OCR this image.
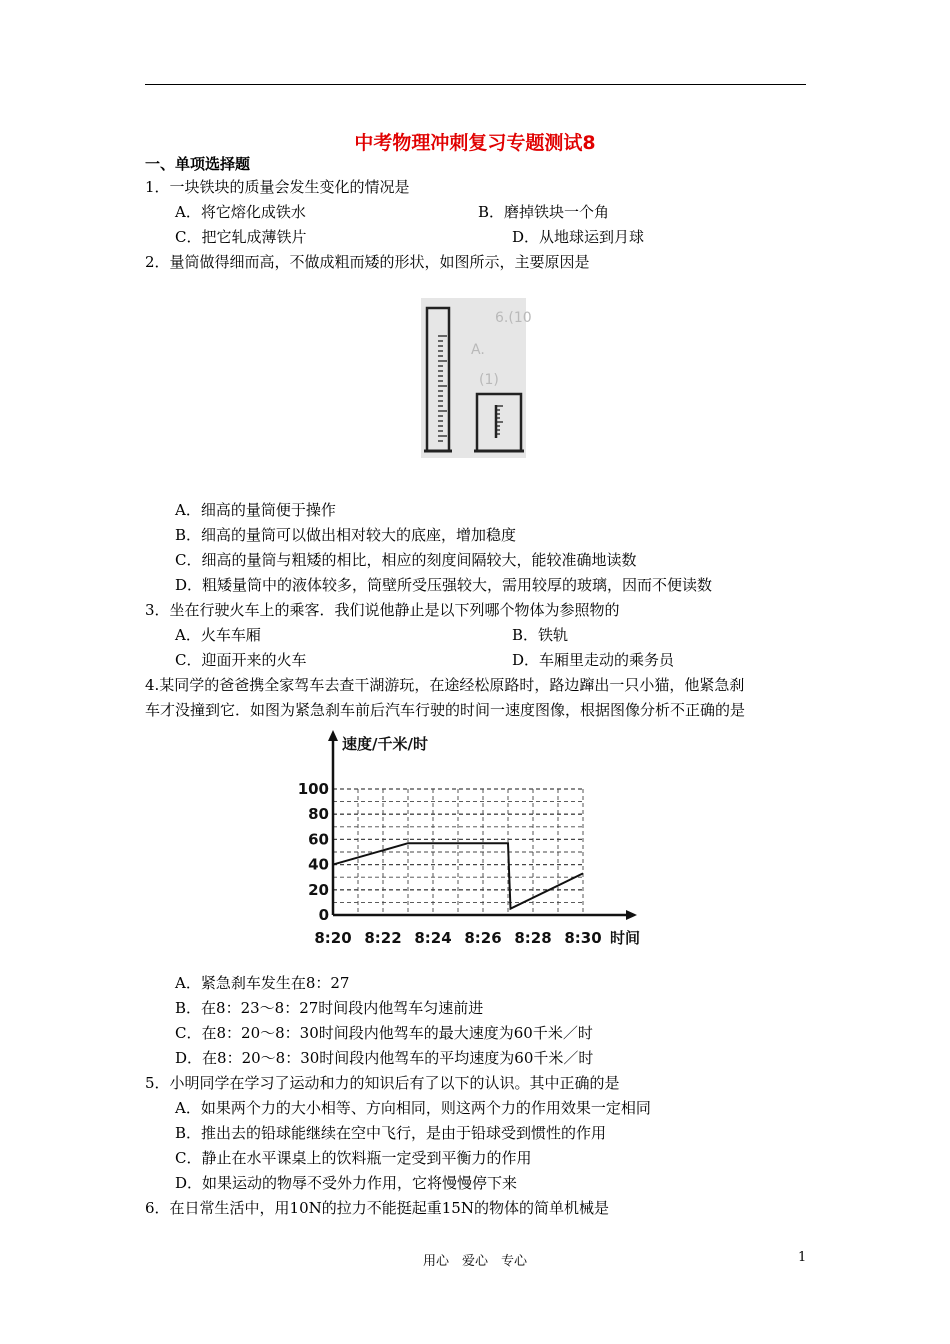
中考物理冲刺复习专题测试8
一、单项选择题
1．一块铁块的质量会发生变化的情况是
A．将它熔化成铁水	B．磨掉铁块一个角
C．把它轧成薄铁片	D．从地球运到月球
2．量筒做得细而高，不做成粗而矮的形状，如图所示，主要原因是
6.(10
A.
(1)
A．细高的量筒便于操作
B．细高的量筒可以做出相对较大的底座，增加稳度
C．细高的量筒与粗矮的相比，相应的刻度间隔较大，能较准确地读数
D．粗矮量筒中的液体较多，筒壁所受压强较大，需用较厚的玻璃，因而不便读数
3．坐在行驶火车上的乘客．我们说他静止是以下列哪个物体为参照物的
A．火车车厢	B．铁轨
C．迎面开来的火车	D．车厢里走动的乘务员
4.某同学的爸爸携全家驾车去查干湖游玩，在途经松原路时，路边蹿出一只小猫，他紧急刹
车才没撞到它．如图为紧急刹车前后汽车行驶的时间一速度图像，根据图像分析不正确的是
速度/千米/时
时间
0
20
40
60
80
100
8:20 8:22 8:24 8:26 8:28 8:30
A．紧急刹车发生在8：27
B．在8：23～8：27时间段内他驾车匀速前进
C．在8：20～8：30时间段内他驾车的最大速度为60千米／时
D．在8：20～8：30时间段内他驾车的平均速度为60千米／时
5．小明同学在学习了运动和力的知识后有了以下的认识。其中正确的是
A．如果两个力的大小相等、方向相同，则这两个力的作用效果一定相同
B．推出去的铅球能继续在空中飞行，是由于铅球受到惯性的作用
C．静止在水平课桌上的饮料瓶一定受到平衡力的作用
D．如果运动的物辱不受外力作用，它将慢慢停下来
6．在日常生活中，用10N的拉力不能挺起重15N的物体的简单机械是
用心　爱心　专心	1
